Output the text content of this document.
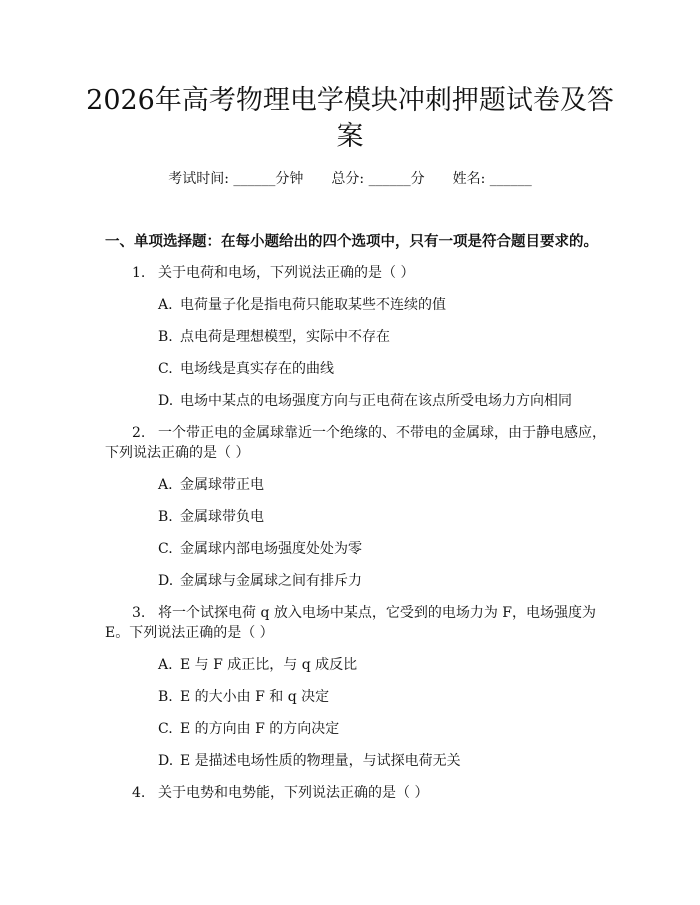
2026年高考物理电学模块冲刺押题试卷及答
案
考试时间: ______分钟 总分: ______分 姓名: ______
一、单项选择题：在每小题给出的四个选项中，只有一项是符合题目要求的。
1. 关于电荷和电场，下列说法正确的是（ ）
A. 电荷量子化是指电荷只能取某些不连续的值
B. 点电荷是理想模型，实际中不存在
C. 电场线是真实存在的曲线
D. 电场中某点的电场强度方向与正电荷在该点所受电场力方向相同
2. 一个带正电的金属球靠近一个绝缘的、不带电的金属球，由于静电感应，
下列说法正确的是（ ）
A. 金属球带正电
B. 金属球带负电
C. 金属球内部电场强度处处为零
D. 金属球与金属球之间有排斥力
3. 将一个试探电荷 q 放入电场中某点，它受到的电场力为 F，电场强度为
E。下列说法正确的是（ ）
A. E 与 F 成正比，与 q 成反比
B. E 的大小由 F 和 q 决定
C. E 的方向由 F 的方向决定
D. E 是描述电场性质的物理量，与试探电荷无关
4. 关于电势和电势能，下列说法正确的是（ ）
